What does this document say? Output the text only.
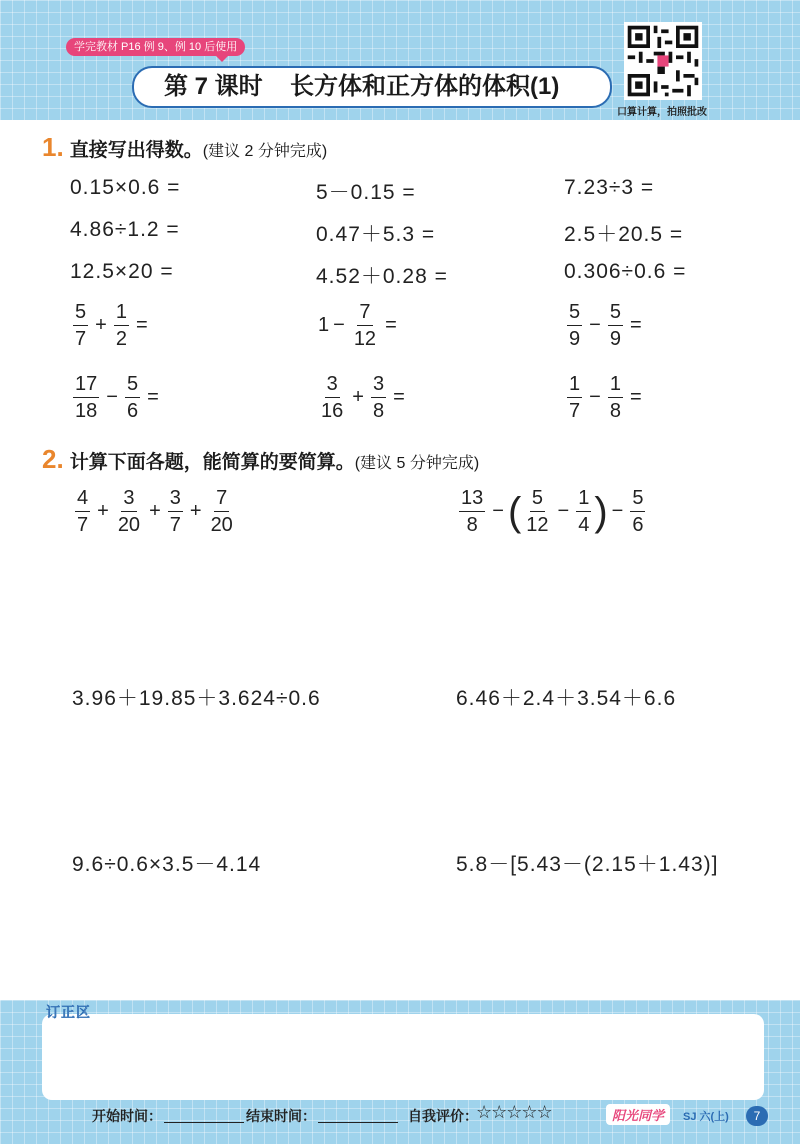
学完教材 P16 例 9、例 10 后使用
第 7 课时 长方体和正方体的体积(1)
口算计算，拍照批改
1. 直接写出得数。(建议 2 分钟完成)
0.15×0.6 =	5－0.15 =	7.23÷3 =
4.86÷1.2 =	0.47＋5.3 =	2.5＋20.5 =
12.5×20 =	4.52＋0.28 =	0.306÷0.6 =
$\frac{5}{7} + \frac{1}{2}$ =	$1 - \frac{7}{12}$ =	$\frac{5}{9} - \frac{5}{9}$ =
$\frac{17}{18} - \frac{5}{6}$ =	$\frac{3}{16} + \frac{3}{8}$ =	$\frac{1}{7} - \frac{1}{8}$ =
2. 计算下面各题，能简算的要简算。(建议 5 分钟完成)
$\frac{4}{7} + \frac{3}{20} + \frac{3}{7} + \frac{7}{20}$	$\frac{13}{8}$ − ( $\frac{5}{12} - \frac{1}{4}$ ) − $\frac{5}{6}$
3.96＋19.85＋3.624÷0.6	6.46＋2.4＋3.54＋6.6
9.6÷0.6×3.5－4.14	5.8－[5.43－(2.15＋1.43)]
订正区
开始时间：	结束时间：	自我评价：
☆☆☆☆☆	阳光同学	SJ 六(上)	7
